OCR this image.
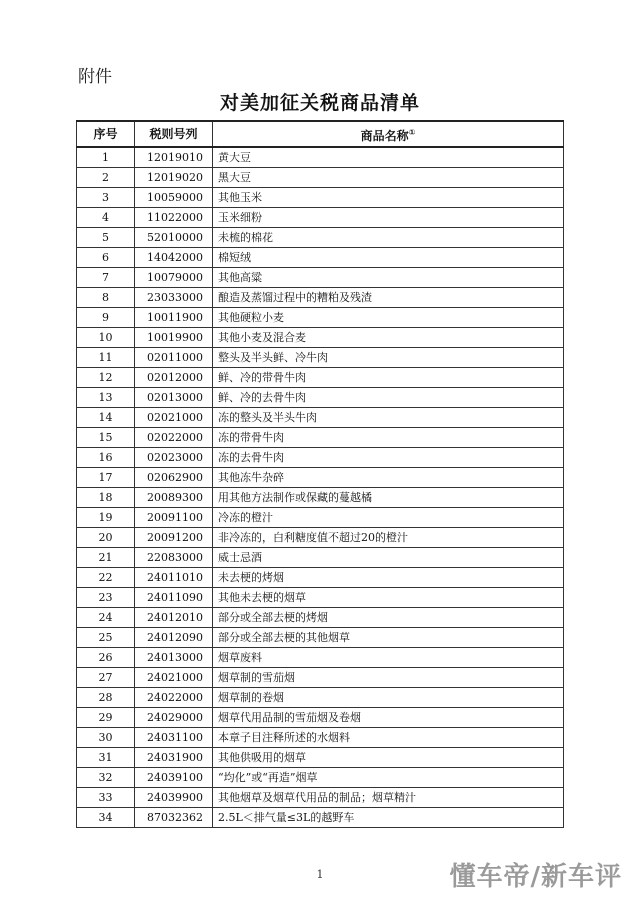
附件
对美加征关税商品清单
序号	税则号列	商品名称①
1	12019010	黄大豆
2	12019020	黑大豆
3	10059000	其他玉米
4	11022000	玉米细粉
5	52010000	未梳的棉花
6	14042000	棉短绒
7	10079000	其他高粱
8	23033000	酿造及蒸馏过程中的糟粕及残渣
9	10011900	其他硬粒小麦
10	10019900	其他小麦及混合麦
11	02011000	整头及半头鲜、冷牛肉
12	02012000	鲜、冷的带骨牛肉
13	02013000	鲜、冷的去骨牛肉
14	02021000	冻的整头及半头牛肉
15	02022000	冻的带骨牛肉
16	02023000	冻的去骨牛肉
17	02062900	其他冻牛杂碎
18	20089300	用其他方法制作或保藏的蔓越橘
19	20091100	冷冻的橙汁
20	20091200	非冷冻的，白利糖度值不超过20的橙汁
21	22083000	威士忌酒
22	24011010	未去梗的烤烟
23	24011090	其他未去梗的烟草
24	24012010	部分或全部去梗的烤烟
25	24012090	部分或全部去梗的其他烟草
26	24013000	烟草废料
27	24021000	烟草制的雪茄烟
28	24022000	烟草制的卷烟
29	24029000	烟草代用品制的雪茄烟及卷烟
30	24031100	本章子目注释所述的水烟料
31	24031900	其他供吸用的烟草
32	24039100	“均化”或“再造”烟草
33	24039900	其他烟草及烟草代用品的制品；烟草精汁
34	87032362	2.5L＜排气量≤3L的越野车
1	懂车帝/新车评
